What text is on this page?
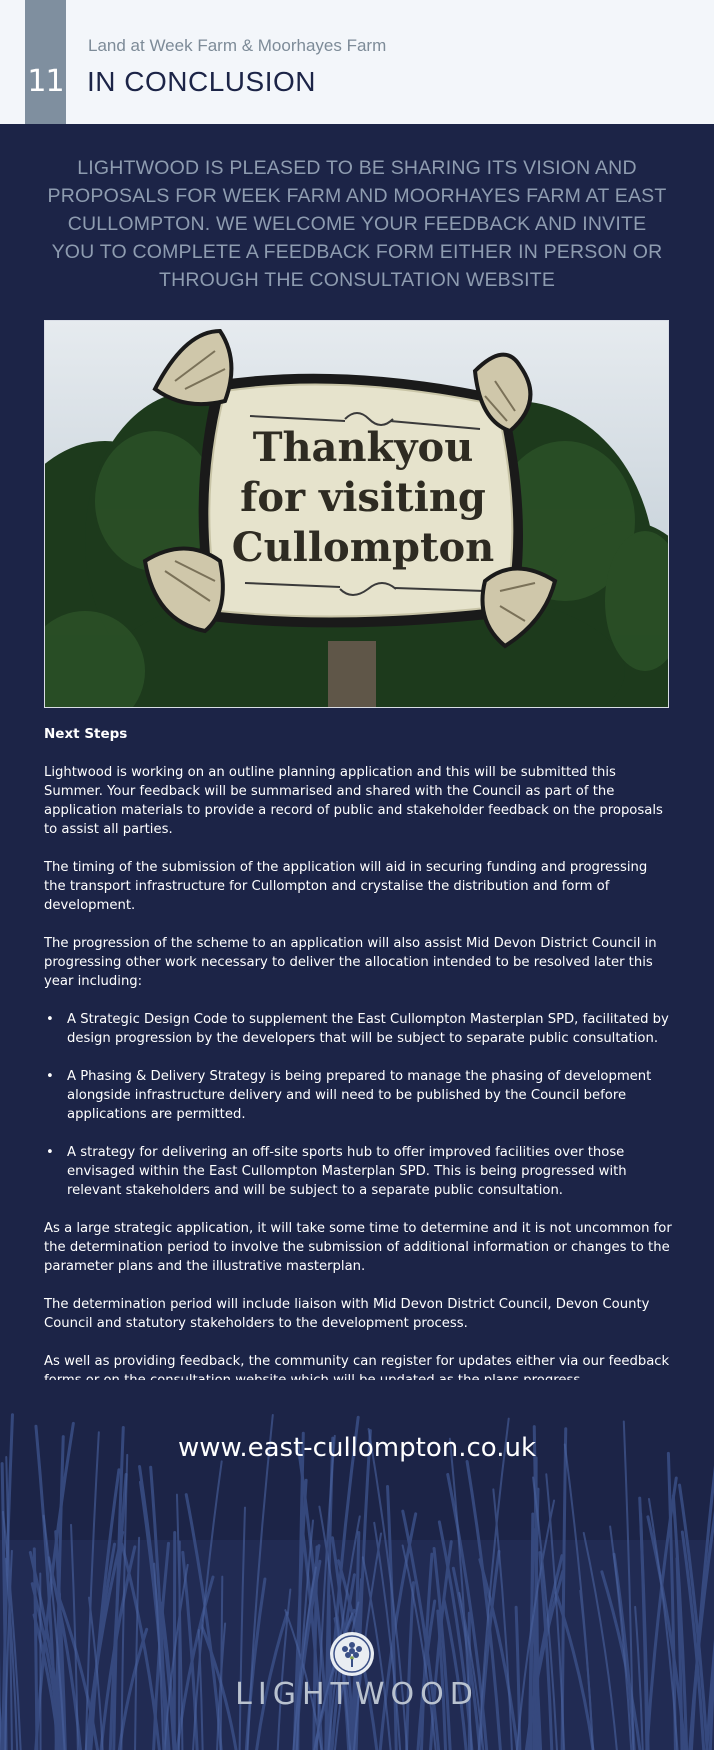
11
Land at Week Farm & Moorhayes Farm
IN CONCLUSION
LIGHTWOOD IS PLEASED TO BE SHARING ITS VISION AND PROPOSALS FOR WEEK FARM AND MOORHAYES FARM AT EAST CULLOMPTON. WE WELCOME YOUR FEEDBACK AND INVITE YOU TO COMPLETE A FEEDBACK FORM EITHER IN PERSON OR THROUGH THE CONSULTATION WEBSITE
Thankyou
for visiting
Cullompton
Next Steps

Lightwood is working on an outline planning application and this will be submitted this Summer. Your feedback will be summarised and shared with the Council as part of the application materials to provide a record of public and stakeholder feedback on the proposals to assist all parties.

The timing of the submission of the application will aid in securing funding and progressing the transport infrastructure for Cullompton and crystalise the distribution and form of development.

The progression of the scheme to an application will also assist Mid Devon District Council in progressing other work necessary to deliver the allocation intended to be resolved later this year including:

• A Strategic Design Code to supplement the East Cullompton Masterplan SPD, facilitated by design progression by the developers that will be subject to separate public consultation.
• A Phasing & Delivery Strategy is being prepared to manage the phasing of development alongside infrastructure delivery and will need to be published by the Council before applications are permitted.
• A strategy for delivering an off-site sports hub to offer improved facilities over those envisaged within the East Cullompton Masterplan SPD. This is being progressed with relevant stakeholders and will be subject to a separate public consultation.

As a large strategic application, it will take some time to determine and it is not uncommon for the determination period to involve the submission of additional information or changes to the parameter plans and the illustrative masterplan.

The determination period will include liaison with Mid Devon District Council, Devon County Council and statutory stakeholders to the development process.

As well as providing feedback, the community can register for updates either via our feedback

www.east-cullompton.co.uk
LIGHTWOOD
